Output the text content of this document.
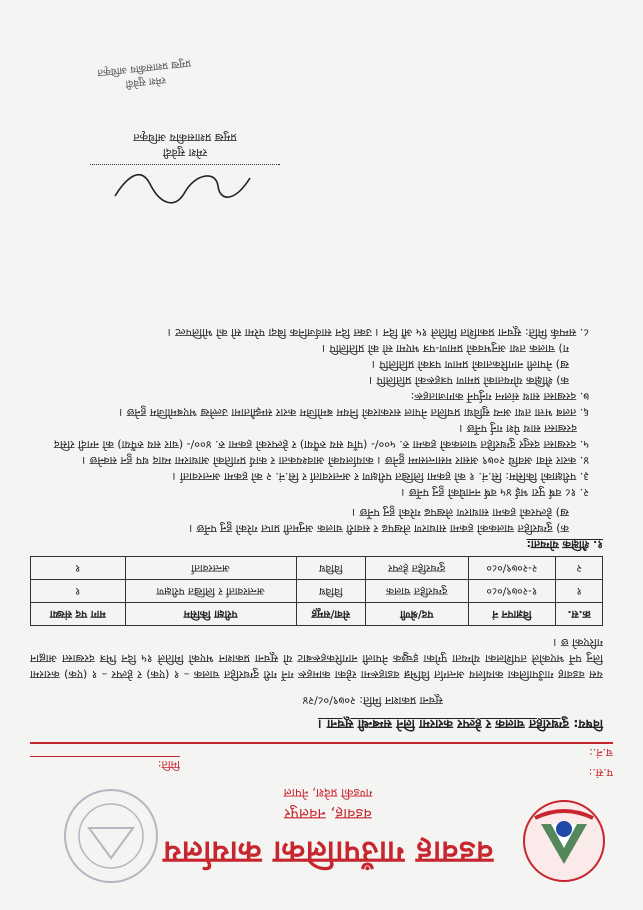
वडवाह गाउँपालिका कार्यालय
वडवाह, नवलपुर
गण्डकी प्रदेश, नेपाल
प.सं.:
च.नं.:
मिति:
विषय: दुग्धरहित चालक र हेल्पर करारमा लिने सम्बन्धी सूचना ।
सूचना प्रकाशन मिति: २०७९/०८/२४
यस वडवाह गाउँपालिका कार्यालय अन्तर्गत विभिन्न वडाहरूमा रहेका कामहरू गर्ने गरी दुग्धरहित चालक – १ (एक) र हेल्पर – १ (एक) करारमा लिनु पर्ने भएकोले तपशिलका योग्यता पुगेका इच्छुक नेपाली नागरिकहरूबाट यो सूचना प्रकाशन भएको मितिले १५ दिन भित्र दरखास्त आह्वान गरिएको छ ।
क्र.स.	विज्ञापन नं	पद/श्रेणी	सेवा/समूह	परीक्षा किसिम	माग पद संख्या
१	१-२०७९/०८०	दुग्धरहित चालक	विविध	अन्तरवार्ता र लिखित परीक्षण	१
२	२-२०७९/०८०	दुग्धरहित हेल्पर	विविध	अन्तरवार्ता	१
१. शैक्षिक योग्यता:
क) दुग्धरहित चालकको हकमा साधारण लेखपढ र सवारी चालक अनुमती प्राप्त गरेको हुनु पर्नेछ ।
ख) हेल्परको हकमा साधारण लेखपढ गरेको हुनु पर्नेछ ।
२. १८ वर्ष पुरा भई ४५ वर्ष ननाघेको हुनु पर्नेछ ।
३. परीक्षाको किसिम: सि.नं. १ को हकमा लिखित परीक्षण र अन्तरवार्ता र सि.नं. २ को हकमा अन्तरवार्ता ।
४. करार सेवा अवधि २०७९ असार मसान्तसम्म हुनेछ । कार्यालयको आवश्यकता र कार्य प्रगतिको आधारमा म्याद थप हुन सक्नेछ ।
५. दरखास्त दस्तुर दुग्धरहित चालकको हकमा रु. ५००/- (पाँच सय रुपैंया) र हेल्परको हकमा रु. ४००/- (चार सय रुपैंया) को नगदी रसिद दरखास्त साथ पेश गर्नु पर्नेछ ।
६. तलब भत्ता तथा अन्य सुविधा प्रचलित नेपाल सरकारको नियम बमोजिम करार सम्झौतामा उल्लेख भएबमोजिम हुनेछ ।
७. दरखास्त साथ संलग्न गर्नुपर्ने कागजातहरू:
क) शैक्षिक योग्यताको प्रमाण पत्रहरूको प्रतिलिपि ।
ख) नेपाली नागरिकताको प्रमाण पत्रको प्रतिलिपि ।
ग) चालक तथा अनुभवको प्रमाण-पत्र भएमा सो को प्रतिलिपि ।
८. सम्पर्क मिति: सूचना प्रकाशित मितिले १५ औं दिन । उक्त दिन सार्वजनिक बिदा परेमा सो को भोलिपल्ट ।
रमेश सुवेदी
प्रमुख प्रशासकीय अधिकृत
रमेश सुवेदी
प्रमुख प्रशासकीय अधिकृत
